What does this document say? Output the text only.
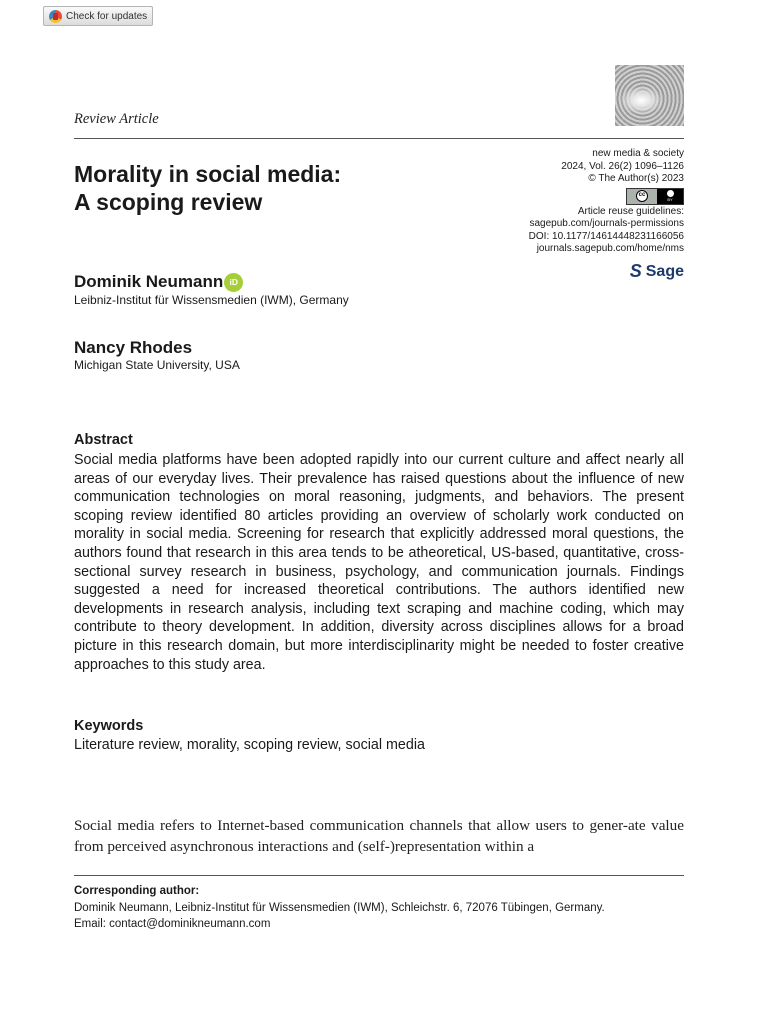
Check for updates
Review Article
Morality in social media:
A scoping review
new media & society
2024, Vol. 26(2) 1096–1126
© The Author(s) 2023
cc
BY
Article reuse guidelines:
sagepub.com/journals-permissions
DOI: 10.1177/14614448231166056
journals.sagepub.com/home/nms
S Sage
Dominik Neumann iD
Leibniz-Institut für Wissensmedien (IWM), Germany
Nancy Rhodes
Michigan State University, USA
Abstract

Social media platforms have been adopted rapidly into our current culture and affect nearly all areas of our everyday lives. Their prevalence has raised questions about the influence of new communication technologies on moral reasoning, judgments, and behaviors. The present scoping review identified 80 articles providing an overview of scholarly work conducted on morality in social media. Screening for research that explicitly addressed moral questions, the authors found that research in this area tends to be atheoretical, US-based, quantitative, cross-sectional survey research in business, psychology, and communication journals. Findings suggested a need for increased theoretical contributions. The authors identified new developments in research analysis, including text scraping and machine coding, which may contribute to theory development. In addition, diversity across disciplines allows for a broad picture in this research domain, but more interdisciplinarity might be needed to foster creative approaches to this study area.

Keywords
Literature review, morality, scoping review, social media

Social media refers to Internet-based communication channels that allow users to gener-ate value from perceived asynchronous interactions and (self-)representation within a

Corresponding author:
Dominik Neumann, Leibniz-Institut für Wissensmedien (IWM), Schleichstr. 6, 72076 Tübingen, Germany.
Email: contact@dominikneumann.com
